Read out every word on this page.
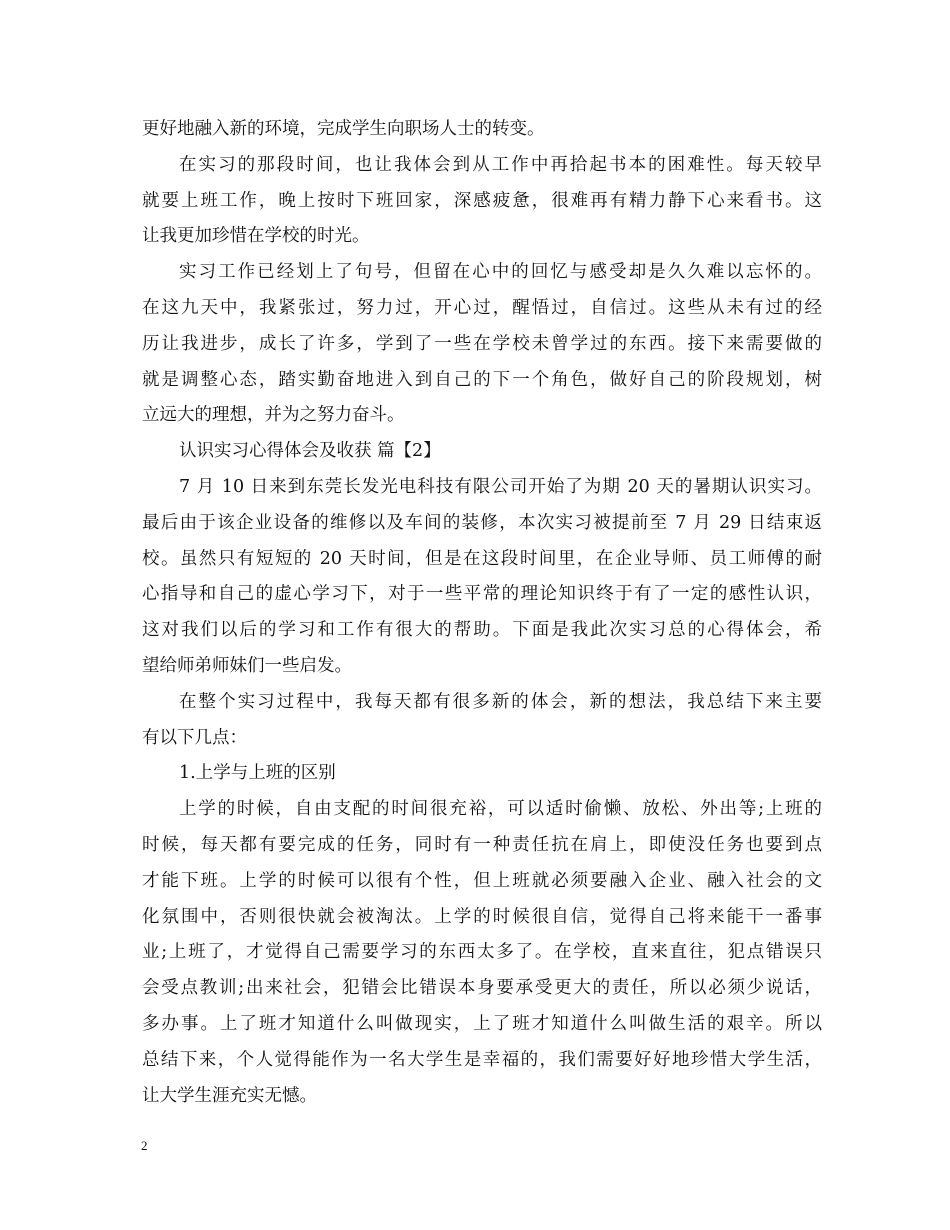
更好地融入新的环境，完成学生向职场人士的转变。
在实习的那段时间，也让我体会到从工作中再拾起书本的困难性。每天较早
就要上班工作，晚上按时下班回家，深感疲惫，很难再有精力静下心来看书。这
让我更加珍惜在学校的时光。
实习工作已经划上了句号，但留在心中的回忆与感受却是久久难以忘怀的。
在这九天中，我紧张过，努力过，开心过，醒悟过，自信过。这些从未有过的经
历让我进步，成长了许多，学到了一些在学校未曾学过的东西。接下来需要做的
就是调整心态，踏实勤奋地进入到自己的下一个角色，做好自己的阶段规划，树
立远大的理想，并为之努力奋斗。
认识实习心得体会及收获 篇【2】
7 月 10 日来到东莞长发光电科技有限公司开始了为期 20 天的暑期认识实习。
最后由于该企业设备的维修以及车间的装修，本次实习被提前至 7 月 29 日结束返
校。虽然只有短短的 20 天时间，但是在这段时间里，在企业导师、员工师傅的耐
心指导和自己的虚心学习下，对于一些平常的理论知识终于有了一定的感性认识，
这对我们以后的学习和工作有很大的帮助。下面是我此次实习总的心得体会，希
望给师弟师妹们一些启发。
在整个实习过程中，我每天都有很多新的体会，新的想法，我总结下来主要
有以下几点：
1.上学与上班的区别
上学的时候，自由支配的时间很充裕，可以适时偷懒、放松、外出等;上班的
时候，每天都有要完成的任务，同时有一种责任抗在肩上，即使没任务也要到点
才能下班。上学的时候可以很有个性，但上班就必须要融入企业、融入社会的文
化氛围中，否则很快就会被淘汰。上学的时候很自信，觉得自己将来能干一番事
业;上班了，才觉得自己需要学习的东西太多了。在学校，直来直往，犯点错误只
会受点教训;出来社会，犯错会比错误本身要承受更大的责任，所以必须少说话，
多办事。上了班才知道什么叫做现实，上了班才知道什么叫做生活的艰辛。所以
总结下来，个人觉得能作为一名大学生是幸福的，我们需要好好地珍惜大学生活，
让大学生涯充实无憾。
2
